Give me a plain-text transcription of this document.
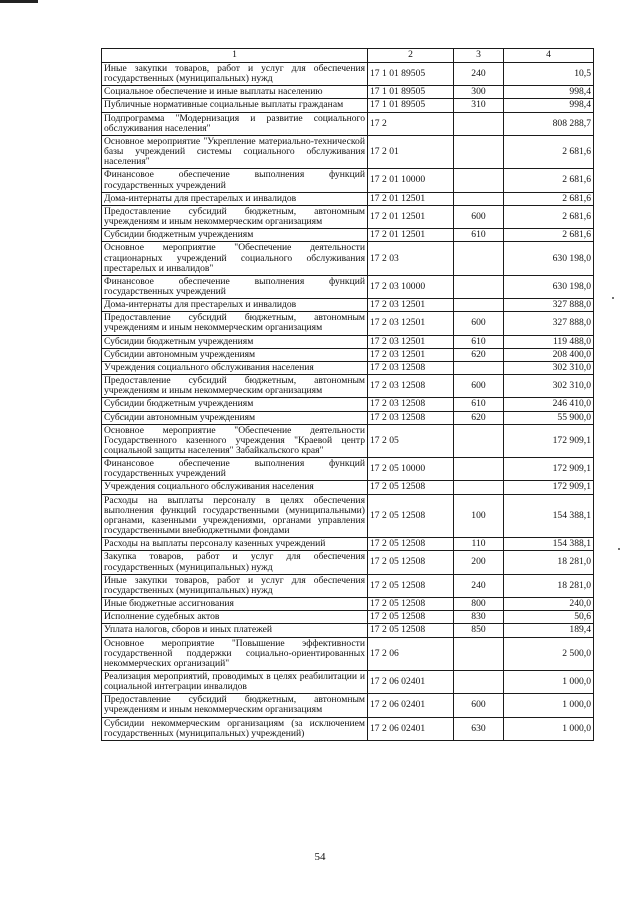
1	2	3	4
Иные закупки товаров, работ и услуг для обеспечения государственных (муниципальных) нужд	17 1 01 89505	240	10,5
Социальное обеспечение и иные выплаты населению	17 1 01 89505	300	998,4
Публичные нормативные социальные выплаты гражданам	17 1 01 89505	310	998,4
Подпрограмма "Модернизация и развитие социального обслуживания населения"	17 2		808 288,7
Основное мероприятие "Укрепление материально-технической базы учреждений системы социального обслуживания населения"	17 2 01		2 681,6
Финансовое обеспечение выполнения функций государственных учреждений	17 2 01 10000		2 681,6
Дома-интернаты для престарелых и инвалидов	17 2 01 12501		2 681,6
Предоставление субсидий бюджетным, автономным учреждениям и иным некоммерческим организациям	17 2 01 12501	600	2 681,6
Субсидии бюджетным учреждениям	17 2 01 12501	610	2 681,6
Основное мероприятие "Обеспечение деятельности стационарных учреждений социального обслуживания престарелых и инвалидов"	17 2 03		630 198,0
Финансовое обеспечение выполнения функций государственных учреждений	17 2 03 10000		630 198,0
Дома-интернаты для престарелых и инвалидов	17 2 03 12501		327 888,0
Предоставление субсидий бюджетным, автономным учреждениям и иным некоммерческим организациям	17 2 03 12501	600	327 888,0
Субсидии бюджетным учреждениям	17 2 03 12501	610	119 488,0
Субсидии автономным учреждениям	17 2 03 12501	620	208 400,0
Учреждения социального обслуживания населения	17 2 03 12508		302 310,0
Предоставление субсидий бюджетным, автономным учреждениям и иным некоммерческим организациям	17 2 03 12508	600	302 310,0
Субсидии бюджетным учреждениям	17 2 03 12508	610	246 410,0
Субсидии автономным учреждениям	17 2 03 12508	620	55 900,0
Основное мероприятие "Обеспечение деятельности Государственного казенного учреждения "Краевой центр социальной защиты населения" Забайкальского края"	17 2 05		172 909,1
Финансовое обеспечение выполнения функций государственных учреждений	17 2 05 10000		172 909,1
Учреждения социального обслуживания населения	17 2 05 12508		172 909,1
Расходы на выплаты персоналу в целях обеспечения выполнения функций государственными (муниципальными) органами, казенными учреждениями, органами управления государственными внебюджетными фондами	17 2 05 12508	100	154 388,1
Расходы на выплаты персоналу казенных учреждений	17 2 05 12508	110	154 388,1
Закупка товаров, работ и услуг для обеспечения государственных (муниципальных) нужд	17 2 05 12508	200	18 281,0
Иные закупки товаров, работ и услуг для обеспечения государственных (муниципальных) нужд	17 2 05 12508	240	18 281,0
Иные бюджетные ассигнования	17 2 05 12508	800	240,0
Исполнение судебных актов	17 2 05 12508	830	50,6
Уплата налогов, сборов и иных платежей	17 2 05 12508	850	189,4
Основное мероприятие "Повышение эффективности государственной поддержки социально-ориентированных некоммерческих организаций"	17 2 06		2 500,0
Реализация мероприятий, проводимых в целях реабилитации и социальной интеграции инвалидов	17 2 06 02401		1 000,0
Предоставление субсидий бюджетным, автономным учреждениям и иным некоммерческим организациям	17 2 06 02401	600	1 000,0
Субсидии некоммерческим организациям (за исключением государственных (муниципальных) учреждений)	17 2 06 02401	630	1 000,0
54
